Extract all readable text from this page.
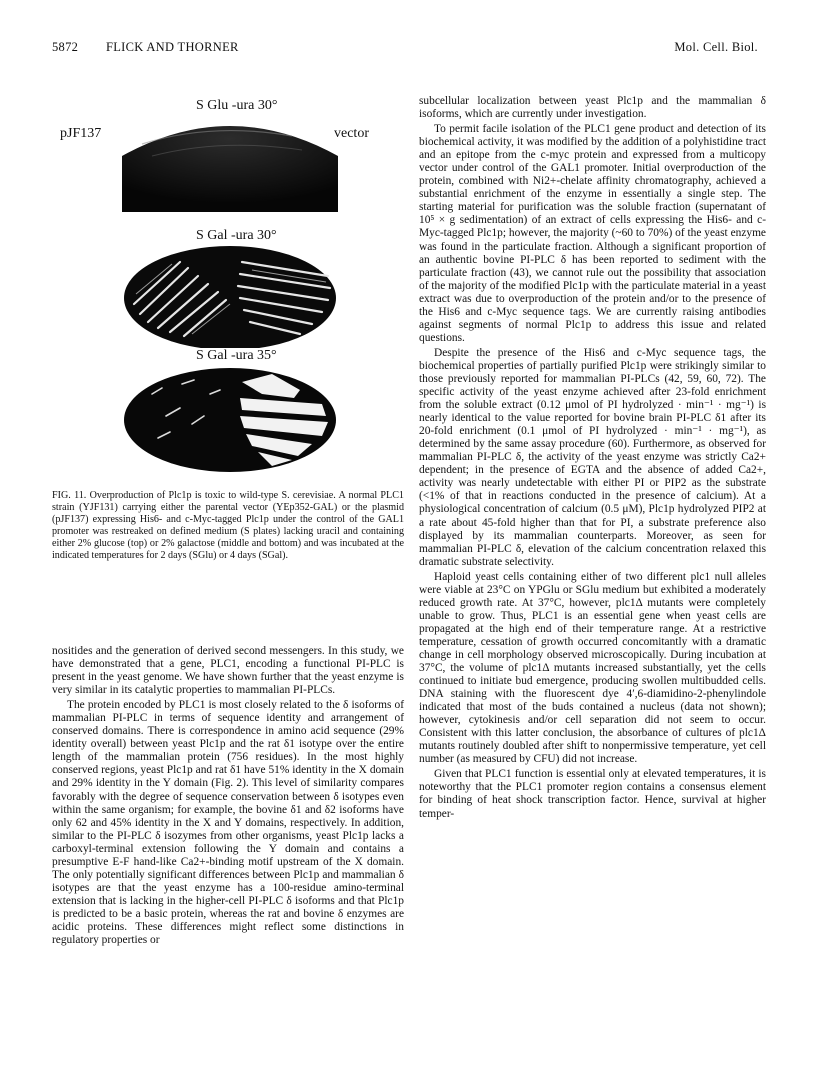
5872 FLICK AND THORNER	Mol. Cell. Biol.
S Glu -ura 30°
pJF137	vector
S Gal -ura 30°
S Gal -ura 35°
FIG. 11. Overproduction of Plc1p is toxic to wild-type S. cerevisiae. A normal PLC1 strain (YJF131) carrying either the parental vector (YEp352-GAL) or the plasmid (pJF137) expressing His6- and c-Myc-tagged Plc1p under the control of the GAL1 promoter was restreaked on defined medium (S plates) lacking uracil and containing either 2% glucose (top) or 2% galactose (middle and bottom) and was incubated at the indicated temperatures for 2 days (SGlu) or 4 days (SGal).

nositides and the generation of derived second messengers. In this study, we have demonstrated that a gene, PLC1, encoding a functional PI-PLC is present in the yeast genome. We have shown further that the yeast enzyme is very similar in its catalytic properties to mammalian PI-PLCs.

The protein encoded by PLC1 is most closely related to the δ isoforms of mammalian PI-PLC in terms of sequence identity and arrangement of conserved domains. There is correspondence in amino acid sequence (29% identity overall) between yeast Plc1p and the rat δ1 isotype over the entire length of the mammalian protein (756 residues). In the most highly conserved regions, yeast Plc1p and rat δ1 have 51% identity in the X domain and 29% identity in the Y domain (Fig. 2). This level of similarity compares favorably with the degree of sequence conservation between δ isotypes even within the same organism; for example, the bovine δ1 and δ2 isoforms have only 62 and 45% identity in the X and Y domains, respectively. In addition, similar to the PI-PLC δ isozymes from other organisms, yeast Plc1p lacks a carboxyl-terminal extension following the Y domain and contains a presumptive E-F hand-like Ca2+-binding motif upstream of the X domain. The only potentially significant differences between Plc1p and mammalian δ isotypes are that the yeast enzyme has a 100-residue amino-terminal extension that is lacking in the higher-cell PI-PLC δ isoforms and that Plc1p is predicted to be a basic protein, whereas the rat and bovine δ enzymes are acidic proteins. These differences might reflect some distinctions in regulatory properties or

subcellular localization between yeast Plc1p and the mammalian δ isoforms, which are currently under investigation.

To permit facile isolation of the PLC1 gene product and detection of its biochemical activity, it was modified by the addition of a polyhistidine tract and an epitope from the c-myc protein and expressed from a multicopy vector under control of the GAL1 promoter. Initial overproduction of the protein, combined with Ni2+-chelate affinity chromatography, achieved a substantial enrichment of the enzyme in essentially a single step. The starting material for purification was the soluble fraction (supernatant of 10⁵ × g sedimentation) of an extract of cells expressing the His6- and c-Myc-tagged Plc1p; however, the majority (~60 to 70%) of the yeast enzyme was found in the particulate fraction. Although a significant proportion of an authentic bovine PI-PLC δ has been reported to sediment with the particulate fraction (43), we cannot rule out the possibility that association of the majority of the modified Plc1p with the particulate material in a yeast extract was due to overproduction of the protein and/or to the presence of the His6 and c-Myc sequence tags. We are currently raising antibodies against segments of normal Plc1p to address this issue and related questions.

Despite the presence of the His6 and c-Myc sequence tags, the biochemical properties of partially purified Plc1p were strikingly similar to those previously reported for mammalian PI-PLCs (42, 59, 60, 72). The specific activity of the yeast enzyme achieved after 23-fold enrichment from the soluble extract (0.12 μmol of PI hydrolyzed · min⁻¹ · mg⁻¹) is nearly identical to the value reported for bovine brain PI-PLC δ1 after its 20-fold enrichment (0.1 μmol of PI hydrolyzed · min⁻¹ · mg⁻¹), as determined by the same assay procedure (60). Furthermore, as observed for mammalian PI-PLC δ, the activity of the yeast enzyme was strictly Ca2+ dependent; in the presence of EGTA and the absence of added Ca2+, activity was nearly undetectable with either PI or PIP2 as the substrate (<1% of that in reactions conducted in the presence of calcium). At a physiological concentration of calcium (0.5 μM), Plc1p hydrolyzed PIP2 at a rate about 45-fold higher than that for PI, a substrate preference also displayed by its mammalian counterparts. Moreover, as seen for mammalian PI-PLC δ, elevation of the calcium concentration relaxed this dramatic substrate selectivity.

Haploid yeast cells containing either of two different plc1 null alleles were viable at 23°C on YPGlu or SGlu medium but exhibited a moderately reduced growth rate. At 37°C, however, plc1Δ mutants were completely unable to grow. Thus, PLC1 is an essential gene when yeast cells are propagated at the high end of their temperature range. At a restrictive temperature, cessation of growth occurred concomitantly with a dramatic change in cell morphology observed microscopically. During incubation at 37°C, the volume of plc1Δ mutants increased substantially, yet the cells continued to initiate bud emergence, producing swollen multibudded cells. DNA staining with the fluorescent dye 4′,6-diamidino-2-phenylindole indicated that most of the buds contained a nucleus (data not shown); however, cytokinesis and/or cell separation did not seem to occur. Consistent with this latter conclusion, the absorbance of cultures of plc1Δ mutants routinely doubled after shift to nonpermissive temperature, yet cell number (as measured by CFU) did not increase.

Given that PLC1 function is essential only at elevated temperatures, it is noteworthy that the PLC1 promoter region contains a consensus element for binding of heat shock transcription factor. Hence, survival at higher temper-
